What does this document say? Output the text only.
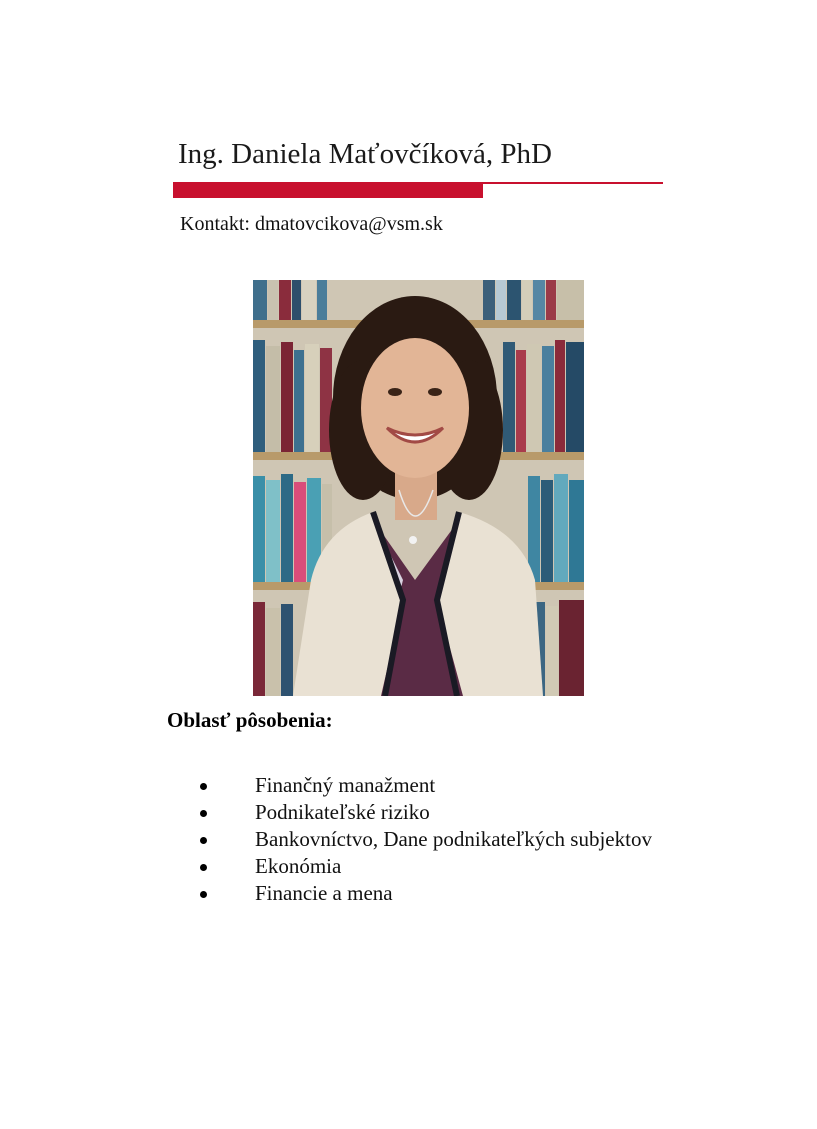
Ing. Daniela Maťovčíková, PhD
Kontakt: dmatovcikova@vsm.sk
Oblasť pôsobenia:
Finančný manažment
Podnikateľské riziko
Bankovníctvo, Dane podnikateľkých subjektov
Ekonómia
Financie a mena
